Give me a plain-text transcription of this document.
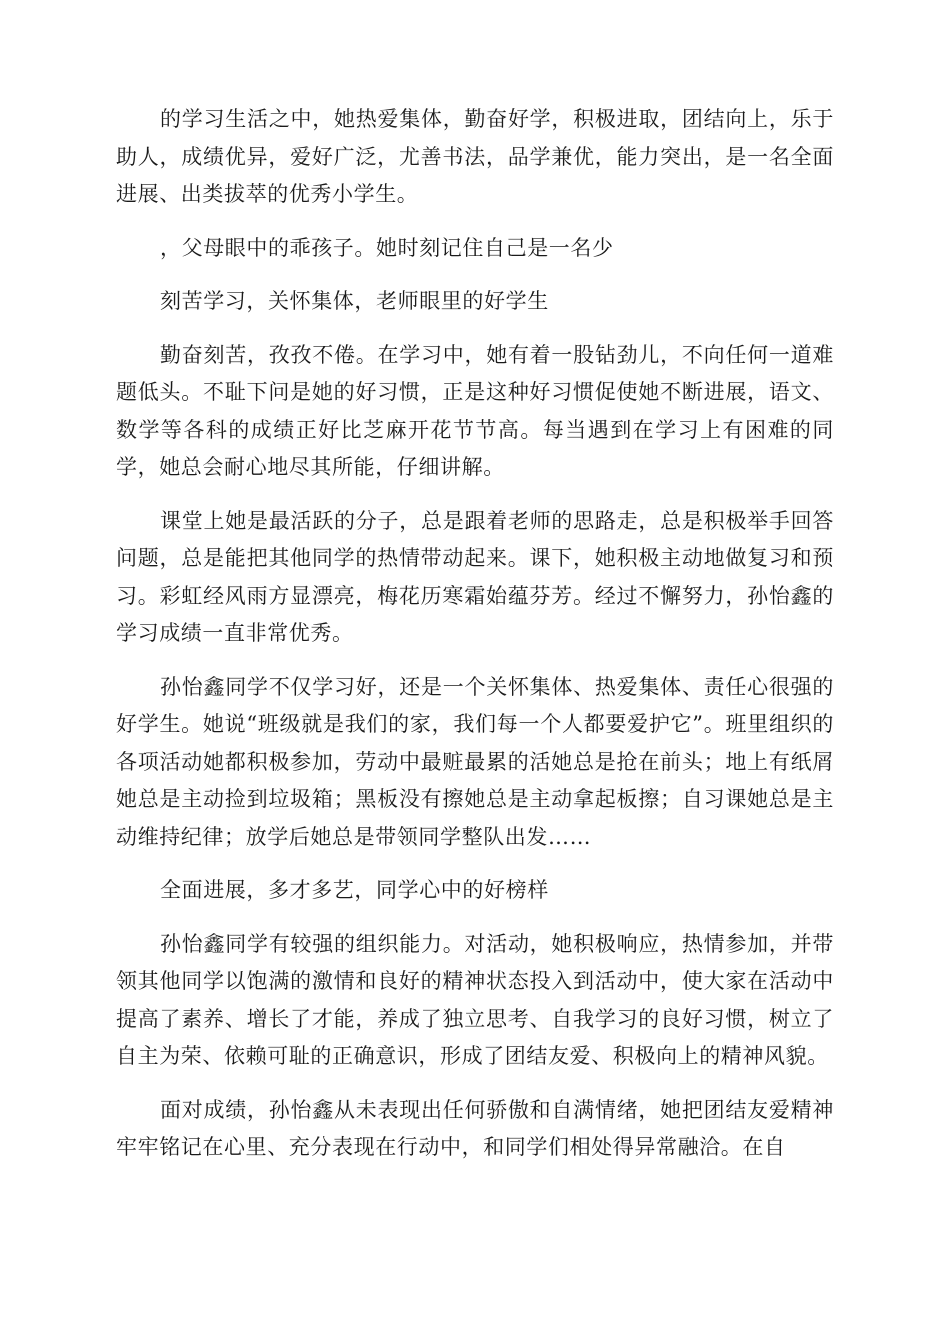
的学习生活之中，她热爱集体，勤奋好学，积极进取，团结向上，乐于助人，成绩优异，爱好广泛，尤善书法，品学兼优，能力突出，是一名全面进展、出类拔萃的优秀小学生。

，父母眼中的乖孩子。她时刻记住自己是一名少

刻苦学习，关怀集体，老师眼里的好学生

勤奋刻苦，孜孜不倦。在学习中，她有着一股钻劲儿，不向任何一道难题低头。不耻下问是她的好习惯，正是这种好习惯促使她不断进展，语文、数学等各科的成绩正好比芝麻开花节节高。每当遇到在学习上有困难的同学，她总会耐心地尽其所能，仔细讲解。

课堂上她是最活跃的分子，总是跟着老师的思路走，总是积极举手回答问题，总是能把其他同学的热情带动起来。课下，她积极主动地做复习和预习。彩虹经风雨方显漂亮，梅花历寒霜始蕴芬芳。经过不懈努力，孙怡鑫的学习成绩一直非常优秀。

孙怡鑫同学不仅学习好，还是一个关怀集体、热爱集体、责任心很强的好学生。她说“班级就是我们的家，我们每一个人都要爱护它”。班里组织的各项活动她都积极参加，劳动中最赃最累的活她总是抢在前头；地上有纸屑她总是主动捡到垃圾箱；黑板没有擦她总是主动拿起板擦；自习课她总是主动维持纪律；放学后她总是带领同学整队出发……

全面进展，多才多艺，同学心中的好榜样

孙怡鑫同学有较强的组织能力。对活动，她积极响应，热情参加，并带领其他同学以饱满的激情和良好的精神状态投入到活动中，使大家在活动中提高了素养、增长了才能，养成了独立思考、自我学习的良好习惯，树立了自主为荣、依赖可耻的正确意识，形成了团结友爱、积极向上的精神风貌。

面对成绩，孙怡鑫从未表现出任何骄傲和自满情绪，她把团结友爱精神牢牢铭记在心里、充分表现在行动中，和同学们相处得异常融洽。在自
